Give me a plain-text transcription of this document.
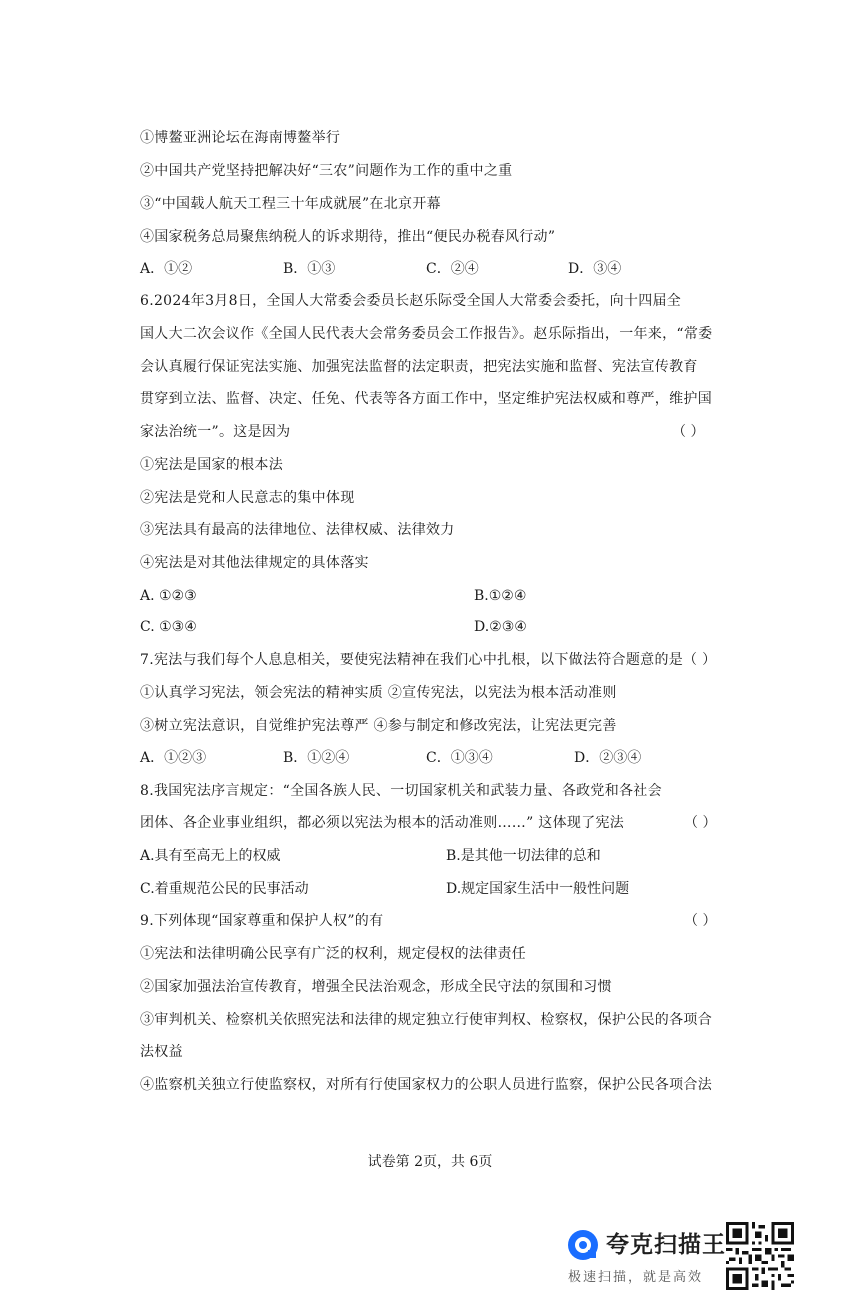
①博鳌亚洲论坛在海南博鳌举行
②中国共产党坚持把解决好“三农”问题作为工作的重中之重
③“中国载人航天工程三十年成就展”在北京开幕
④国家税务总局聚焦纳税人的诉求期待，推出“便民办税春风行动”
A．①②	B．①③	C．②④	D．③④
6.2024年3月8日，全国人大常委会委员长赵乐际受全国人大常委会委托，向十四届全
国人大二次会议作《全国人民代表大会常务委员会工作报告》。赵乐际指出，一年来，“常委
会认真履行保证宪法实施、加强宪法监督的法定职责，把宪法实施和监督、宪法宣传教育
贯穿到立法、监督、决定、任免、代表等各方面工作中，坚定维护宪法权威和尊严，维护国
家法治统一”。这是因为	（ ）
①宪法是国家的根本法
②宪法是党和人民意志的集中体现
③宪法具有最高的法律地位、法律权威、法律效力
④宪法是对其他法律规定的具体落实
A. ①②③	B.①②④
C. ①③④	D.②③④
7.宪法与我们每个人息息相关，要使宪法精神在我们心中扎根，以下做法符合题意的是（ ）
①认真学习宪法，领会宪法的精神实质 ②宣传宪法，以宪法为根本活动准则
③树立宪法意识，自觉维护宪法尊严 ④参与制定和修改宪法，让宪法更完善
A．①②③	B．①②④	C．①③④	D．②③④
8.我国宪法序言规定：“全国各族人民、一切国家机关和武装力量、各政党和各社会
团体、各企业事业组织，都必须以宪法为根本的活动准则……” 这体现了宪法	（ ）
A.具有至高无上的权威	B.是其他一切法律的总和
C.着重规范公民的民事活动	D.规定国家生活中一般性问题
9.下列体现“国家尊重和保护人权”的有	（ ）
①宪法和法律明确公民享有广泛的权利，规定侵权的法律责任
②国家加强法治宣传教育，增强全民法治观念，形成全民守法的氛围和习惯
③审判机关、检察机关依照宪法和法律的规定独立行使审判权、检察权，保护公民的各项合
法权益
④监察机关独立行使监察权，对所有行使国家权力的公职人员进行监察，保护公民各项合法
试卷第 2页，共 6页
夸克扫描王
极速扫描，就是高效
